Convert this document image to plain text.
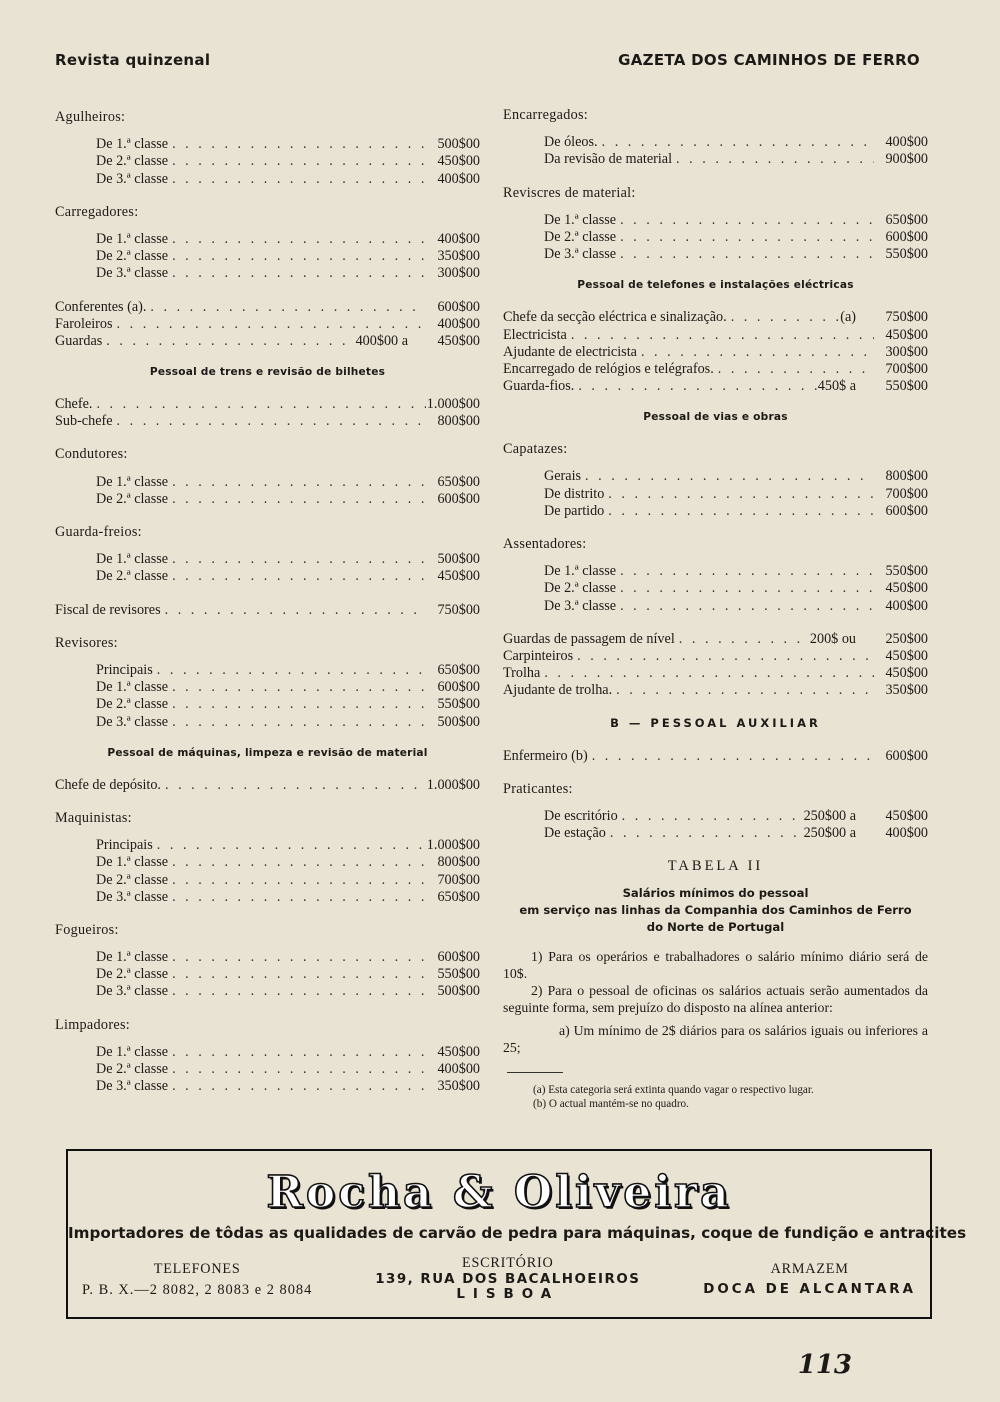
Revista quinzenal	GAZETA DOS CAMINHOS DE FERRO
Agulheiros:
De 1.ª classe . . .	500$00
De 2.ª classe . . .	450$00
De 3.ª classe . . .	400$00
Carregadores:
De 1.ª classe . . .	400$00
De 2.ª classe . . .	350$00
De 3.ª classe . . .	300$00
Conferentes (a). . . .	600$00
Faroleiros . . .	400$00
Guardas . . .	400$00 a	450$00
Pessoal de trens e revisão de bilhetes
Chefe. . . .	1.000$00
Sub-chefe . . .	800$00
Condutores:
De 1.ª classe . . .	650$00
De 2.ª classe . . .	600$00
Guarda-freios:
De 1.ª classe . . .	500$00
De 2.ª classe . . .	450$00
Fiscal de revisores . . .	750$00
Revisores:
Principais . . .	650$00
De 1.ª classe . . .	600$00
De 2.ª classe . . .	550$00
De 3.ª classe . . .	500$00
Pessoal de máquinas, limpeza e revisão de material
Chefe de depósito. . . .	1.000$00
Maquinistas:
Principais . . .	1.000$00
De 1.ª classe . . .	800$00
De 2.ª classe . . .	700$00
De 3.ª classe . . .	650$00
Fogueiros:
De 1.ª classe . . .	600$00
De 2.ª classe . . .	550$00
De 3.ª classe . . .	500$00
Limpadores:
De 1.ª classe . . .	450$00
De 2.ª classe . . .	400$00
De 3.ª classe . . .	350$00
Encarregados:
De óleos. . . .	400$00
Da revisão de material . . .	900$00
Reviscres de material:
De 1.ª classe . . .	650$00
De 2.ª classe . . .	600$00
De 3.ª classe . . .	550$00
Pessoal de telefones e instalações eléctricas
Chefe da secção eléctrica e sinalização. . . .	(a)	750$00
Electricista . . .	450$00
Ajudante de electricista . . .	300$00
Encarregado de relógios e telégrafos. . . .	700$00
Guarda-fios. . . .	450$ a	550$00
Pessoal de vias e obras
Capatazes:
Gerais . . .	800$00
De distrito . . .	700$00
De partido . . .	600$00
Assentadores:
De 1.ª classe . . .	550$00
De 2.ª classe . . .	450$00
De 3.ª classe . . .	400$00
Guardas de passagem de nível . . .	200$ ou	250$00
Carpinteiros . . .	450$00
Trolha . . .	450$00
Ajudante de trolha. . . .	350$00
B — PESSOAL AUXILIAR
Enfermeiro (b) . . .	600$00
Praticantes:
De escritório . . .	250$00 a	450$00
De estação . . .	250$00 a	400$00
TABELA II
Salários mínimos do pessoal
em serviço nas linhas da Companhia dos Caminhos de Ferro
do Norte de Portugal

1) Para os operários e trabalhadores o salário mínimo diário será de 10$.

2) Para o pessoal de oficinas os salários actuais serão aumentados da seguinte forma, sem prejuízo do disposto na alínea anterior:

a) Um mínimo de 2$ diários para os salários iguais ou inferiores a 25;

(a) Esta categoria será extinta quando vagar o respectivo lugar.
(b) O actual mantém-se no quadro.
Rocha & Oliveira
Importadores de tôdas as qualidades de carvão de pedra para máquinas, coque de fundição e antracites
TELEFONES
P. B. X.—2 8082, 2 8083 e 2 8084
ESCRITÓRIO
139, RUA DOS BACALHOEIROS
LISBOA
ARMAZEM
DOCA DE ALCANTARA
113
